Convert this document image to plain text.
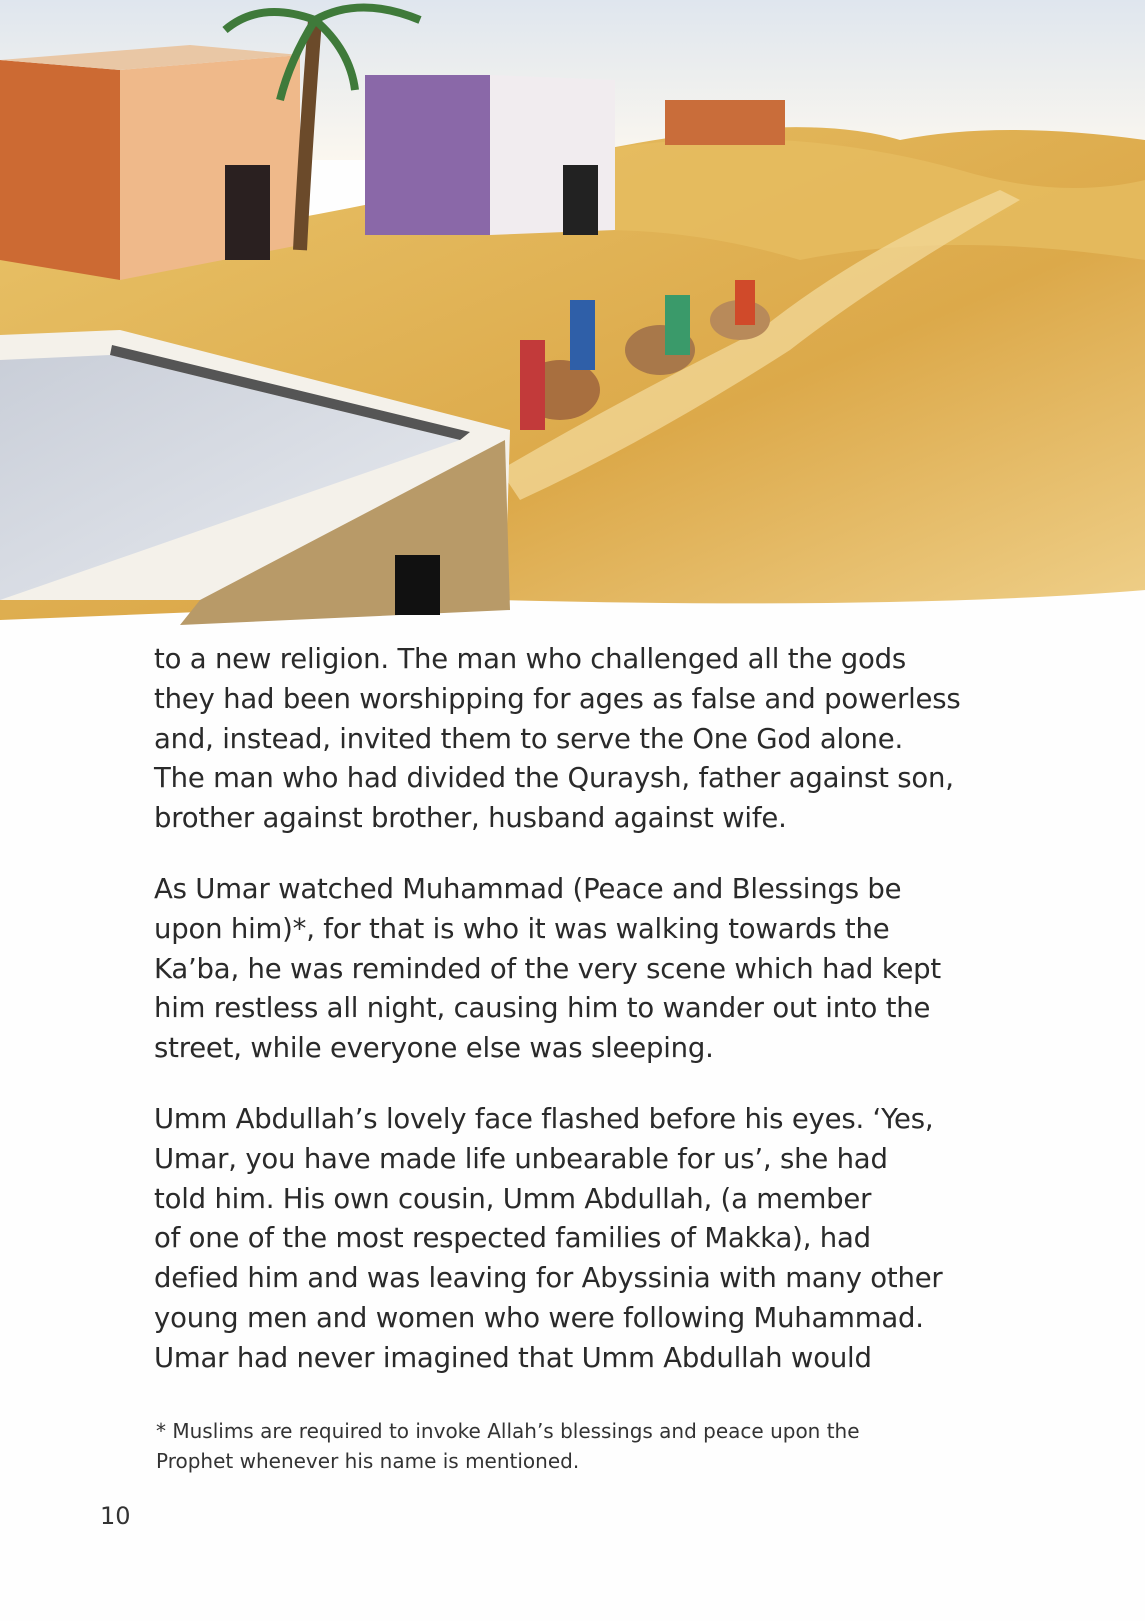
to a new religion. The man who challenged all the gods
they had been worshipping for ages as false and powerless
and, instead, invited them to serve the One God alone.
The man who had divided the Quraysh, father against son,
brother against brother, husband against wife.
As Umar watched Muhammad (Peace and Blessings be
upon him)*, for that is who it was walking towards the
Ka’ba, he was reminded of the very scene which had kept
him restless all night, causing him to wander out into the
street, while everyone else was sleeping.
Umm Abdullah’s lovely face flashed before his eyes. ‘Yes,
Umar, you have made life unbearable for us’, she had
told him. His own cousin, Umm Abdullah, (a member
of one of the most respected families of Makka), had
defied him and was leaving for Abyssinia with many other
young men and women who were following Muhammad.
Umar had never imagined that Umm Abdullah would
* Muslims are required to invoke Allah’s blessings and peace upon the
Prophet whenever his name is mentioned.
10
